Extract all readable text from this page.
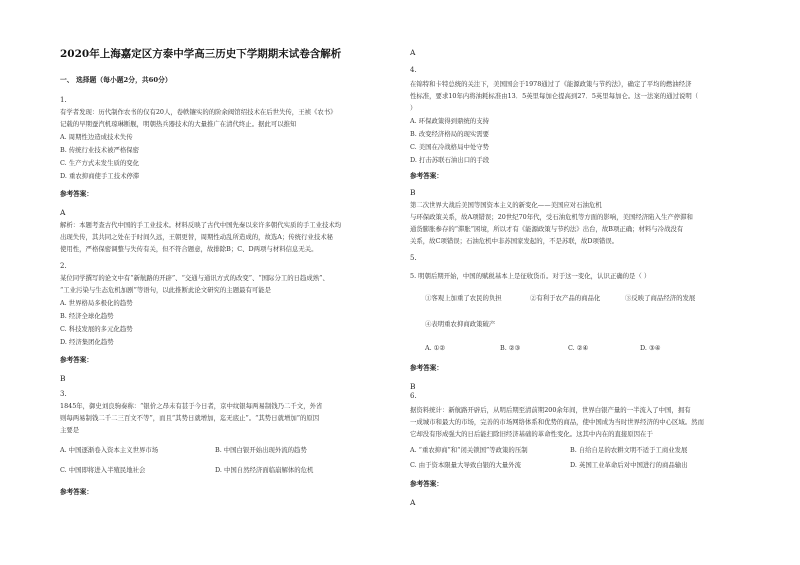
2020年上海嘉定区方泰中学高三历史下学期期末试卷含解析
一、 选择题（每小题2分，共60分）
1.
有学者发现：历代制作农书的仅有20人，卷帙镶实的的阶余阀馆绍技术在后世失传，王祯《农书》
记载的早期蚕汽机琼琳断舰，明朝热兵器技术的大量推广在清代终止。据此可以推知
A. 周期性边造成技术失传
B. 传统行业技术被严格保密
C. 生产方式未发生质的变化
D. 重农抑商使手工技术停滞
参考答案：
A
解析：本题考查古代中国的手工业技术。材料反映了古代中国先秦以来许多朝代实质的手工业技术均
出现失传，其共同之处在于时间久远，王朝更替，周期性动乱所造成的，故选A；传统行业技术秘
使用性，严格保密调整与失传有关，但不符合题意，故排除B；C、D两项与材料信息无关。
2.
某位同学撰写的论文中有“新航路的开辟”、“交通与通讯方式的改变”、“国际分工的日趋成熟”、
“工业污染与生态危机加剧”等语句，以此推断此论文研究的主题最有可能是
A. 世界格局多极化的趋势
B. 经济全球化趋势
C. 科技发展的多元化趋势
D. 经济集团化趋势
参考答案：
B
3.
1845年，御史刘良驹奏称：“银价之昂未有甚于今日者，京中纹银每两易制钱乃二千文，外省
则每两易制钱二千二三百文不等”，而且“其势日就增加，迄无底止”。“其势日就增加”的原因
主要是
A. 中国逐渐卷入资本主义世界市场	B. 中国白银开始出现外流的趋势
C. 中国即将进入半殖民地社会	D. 中国自然经济面临崩解体的危机
参考答案：
A
4.
在锦特和卡特总统的关注下，美国国会于1978通过了《能源政策与节约法》，确定了平均的燃油经济
性标准，要求10年内将油耗标准由13．5英里每加仑提高到27．5英里每加仑。这一法案的通过说明（
）
A. 环保政策得到鼎统的支持
B. 改变经济格局的现实需要
C. 美国在冷战格局中处守势
D. 打击苏联石油出口的手段
参考答案：
B
第二次世界大战后美国等国资本主义的新变化——美国应对石油危机
与环保政策关系，故A项错误；20世纪70年代，受石油危机等方面的影响，美国经济陷入生产停滞和
通货膨胀参存的“滞胀”困境，所以才有《能源政策与节约法》出台，故B项正确；材料与冷战没有
关系，故C项错误；石油危机中非苏国家发起的，不是苏联，故D项错误。
5.
5. 明朝后期开始，中国的赋税基本上是征收货币。对于这一变化，认识正确的是（ ）
①客观上加重了农民的负担	②有利于农产品的商品化	③反映了商品经济的发展
④表明重农抑商政策破产
A. ①②	B. ②③	C. ②④	D. ③④
参考答案：
B
6.
据资料统计：新航路开辟后，从明后期至清前期200余年间，世界白银产量的一半流入了中国，拥有
一成城市和最大的市场，完善的市场网络体系和优势的商品，使中国成为当时世界经济的中心区域。然而
它却没有形成强大的日后能扫除旧经济基础的革命性变化。这其中内在的直接原因在于
A. “重农抑商”和“闭关锁国”等政策的压制	B. 自给自足的农耕文明不适于工商业发展
C. 由于资本限量大导致白银的大量外流	D. 英国工业革命后对中国进行的商品输出
参考答案：
A
